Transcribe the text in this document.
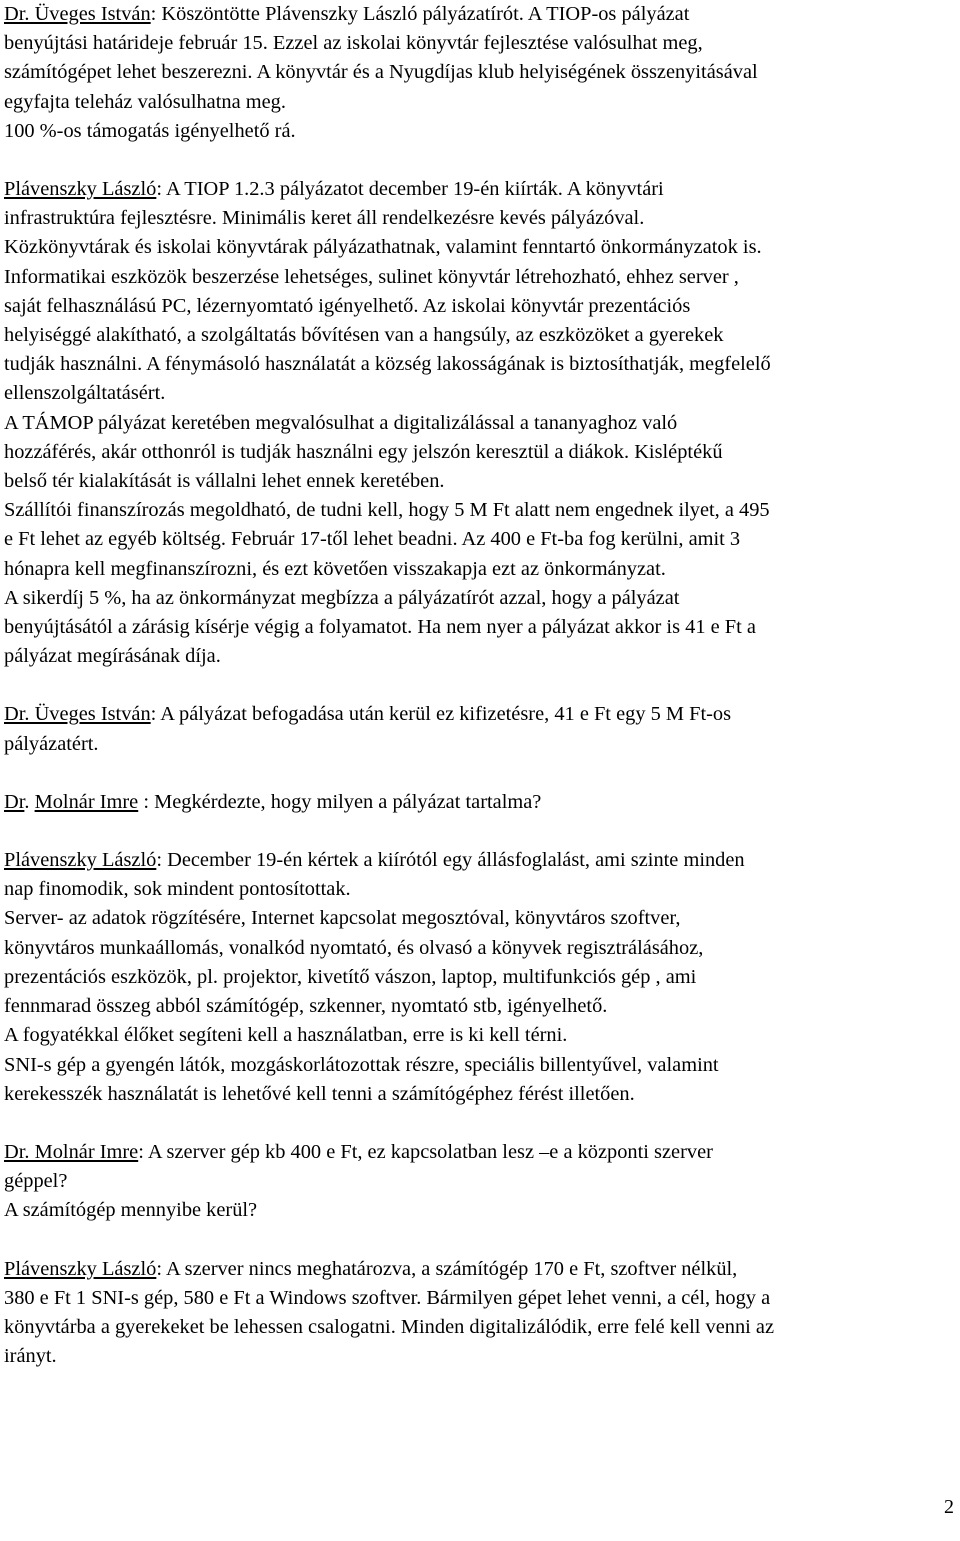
Dr. Üveges István: Köszöntötte Plávenszky László pályázatírót. A TIOP-os pályázat
benyújtási határideje február 15. Ezzel az iskolai könyvtár fejlesztése valósulhat meg,
számítógépet lehet beszerezni. A könyvtár és a Nyugdíjas klub helyiségének összenyitásával
egyfajta teleház valósulhatna meg.
100 %-os támogatás igényelhető rá.
Plávenszky László: A TIOP 1.2.3 pályázatot december 19-én kiírták. A könyvtári
infrastruktúra fejlesztésre. Minimális keret áll rendelkezésre kevés pályázóval.
Közkönyvtárak és iskolai könyvtárak pályázathatnak, valamint fenntartó önkormányzatok is.
Informatikai eszközök beszerzése lehetséges, sulinet könyvtár létrehozható, ehhez server ,
saját felhasználású PC, lézernyomtató igényelhető. Az iskolai könyvtár prezentációs
helyiséggé alakítható, a szolgáltatás bővítésen van a hangsúly, az eszközöket a gyerekek
tudják használni. A fénymásoló használatát a község lakosságának is biztosíthatják, megfelelő
ellenszolgáltatásért.
A TÁMOP pályázat keretében megvalósulhat a digitalizálással a tananyaghoz való
hozzáférés, akár otthonról is tudják használni egy jelszón keresztül a diákok. Kisléptékű
belső tér kialakítását is vállalni lehet ennek keretében.
Szállítói finanszírozás megoldható, de tudni kell, hogy 5 M Ft alatt nem engednek ilyet, a 495
e Ft lehet az egyéb költség. Február 17-től lehet beadni. Az 400 e Ft-ba fog kerülni, amit 3
hónapra kell megfinanszírozni, és ezt követően visszakapja ezt az önkormányzat.
A sikerdíj 5 %, ha az önkormányzat megbízza a pályázatírót azzal, hogy a pályázat
benyújtásától a zárásig kísérje végig a folyamatot. Ha nem nyer a pályázat akkor is 41 e Ft a
pályázat megírásának díja.
Dr. Üveges István: A pályázat befogadása után kerül ez kifizetésre, 41 e Ft egy 5 M Ft-os
pályázatért.
Dr. Molnár Imre : Megkérdezte, hogy milyen a pályázat tartalma?
Plávenszky László: December 19-én kértek a kiírótól egy állásfoglalást, ami szinte minden
nap finomodik, sok mindent pontosítottak.
Server- az adatok rögzítésére, Internet kapcsolat megosztóval, könyvtáros szoftver,
könyvtáros munkaállomás, vonalkód nyomtató, és olvasó a könyvek regisztrálásához,
prezentációs eszközök, pl. projektor, kivetítő vászon, laptop, multifunkciós gép , ami
fennmarad összeg abból számítógép, szkenner, nyomtató stb, igényelhető.
A fogyatékkal élőket segíteni kell a használatban, erre is ki kell térni.
SNI-s gép a gyengén látók, mozgáskorlátozottak részre, speciális billentyűvel, valamint
kerekesszék használatát is lehetővé kell tenni a számítógéphez férést illetően.
Dr. Molnár Imre: A szerver gép kb 400 e Ft, ez kapcsolatban lesz –e a központi szerver
géppel?
A számítógép mennyibe kerül?
Plávenszky László: A szerver nincs meghatározva, a számítógép 170 e Ft, szoftver nélkül,
380 e Ft 1 SNI-s gép, 580 e Ft a Windows szoftver. Bármilyen gépet lehet venni, a cél, hogy a
könyvtárba a gyerekeket be lehessen csalogatni. Minden digitalizálódik, erre felé kell venni az
irányt.
2
